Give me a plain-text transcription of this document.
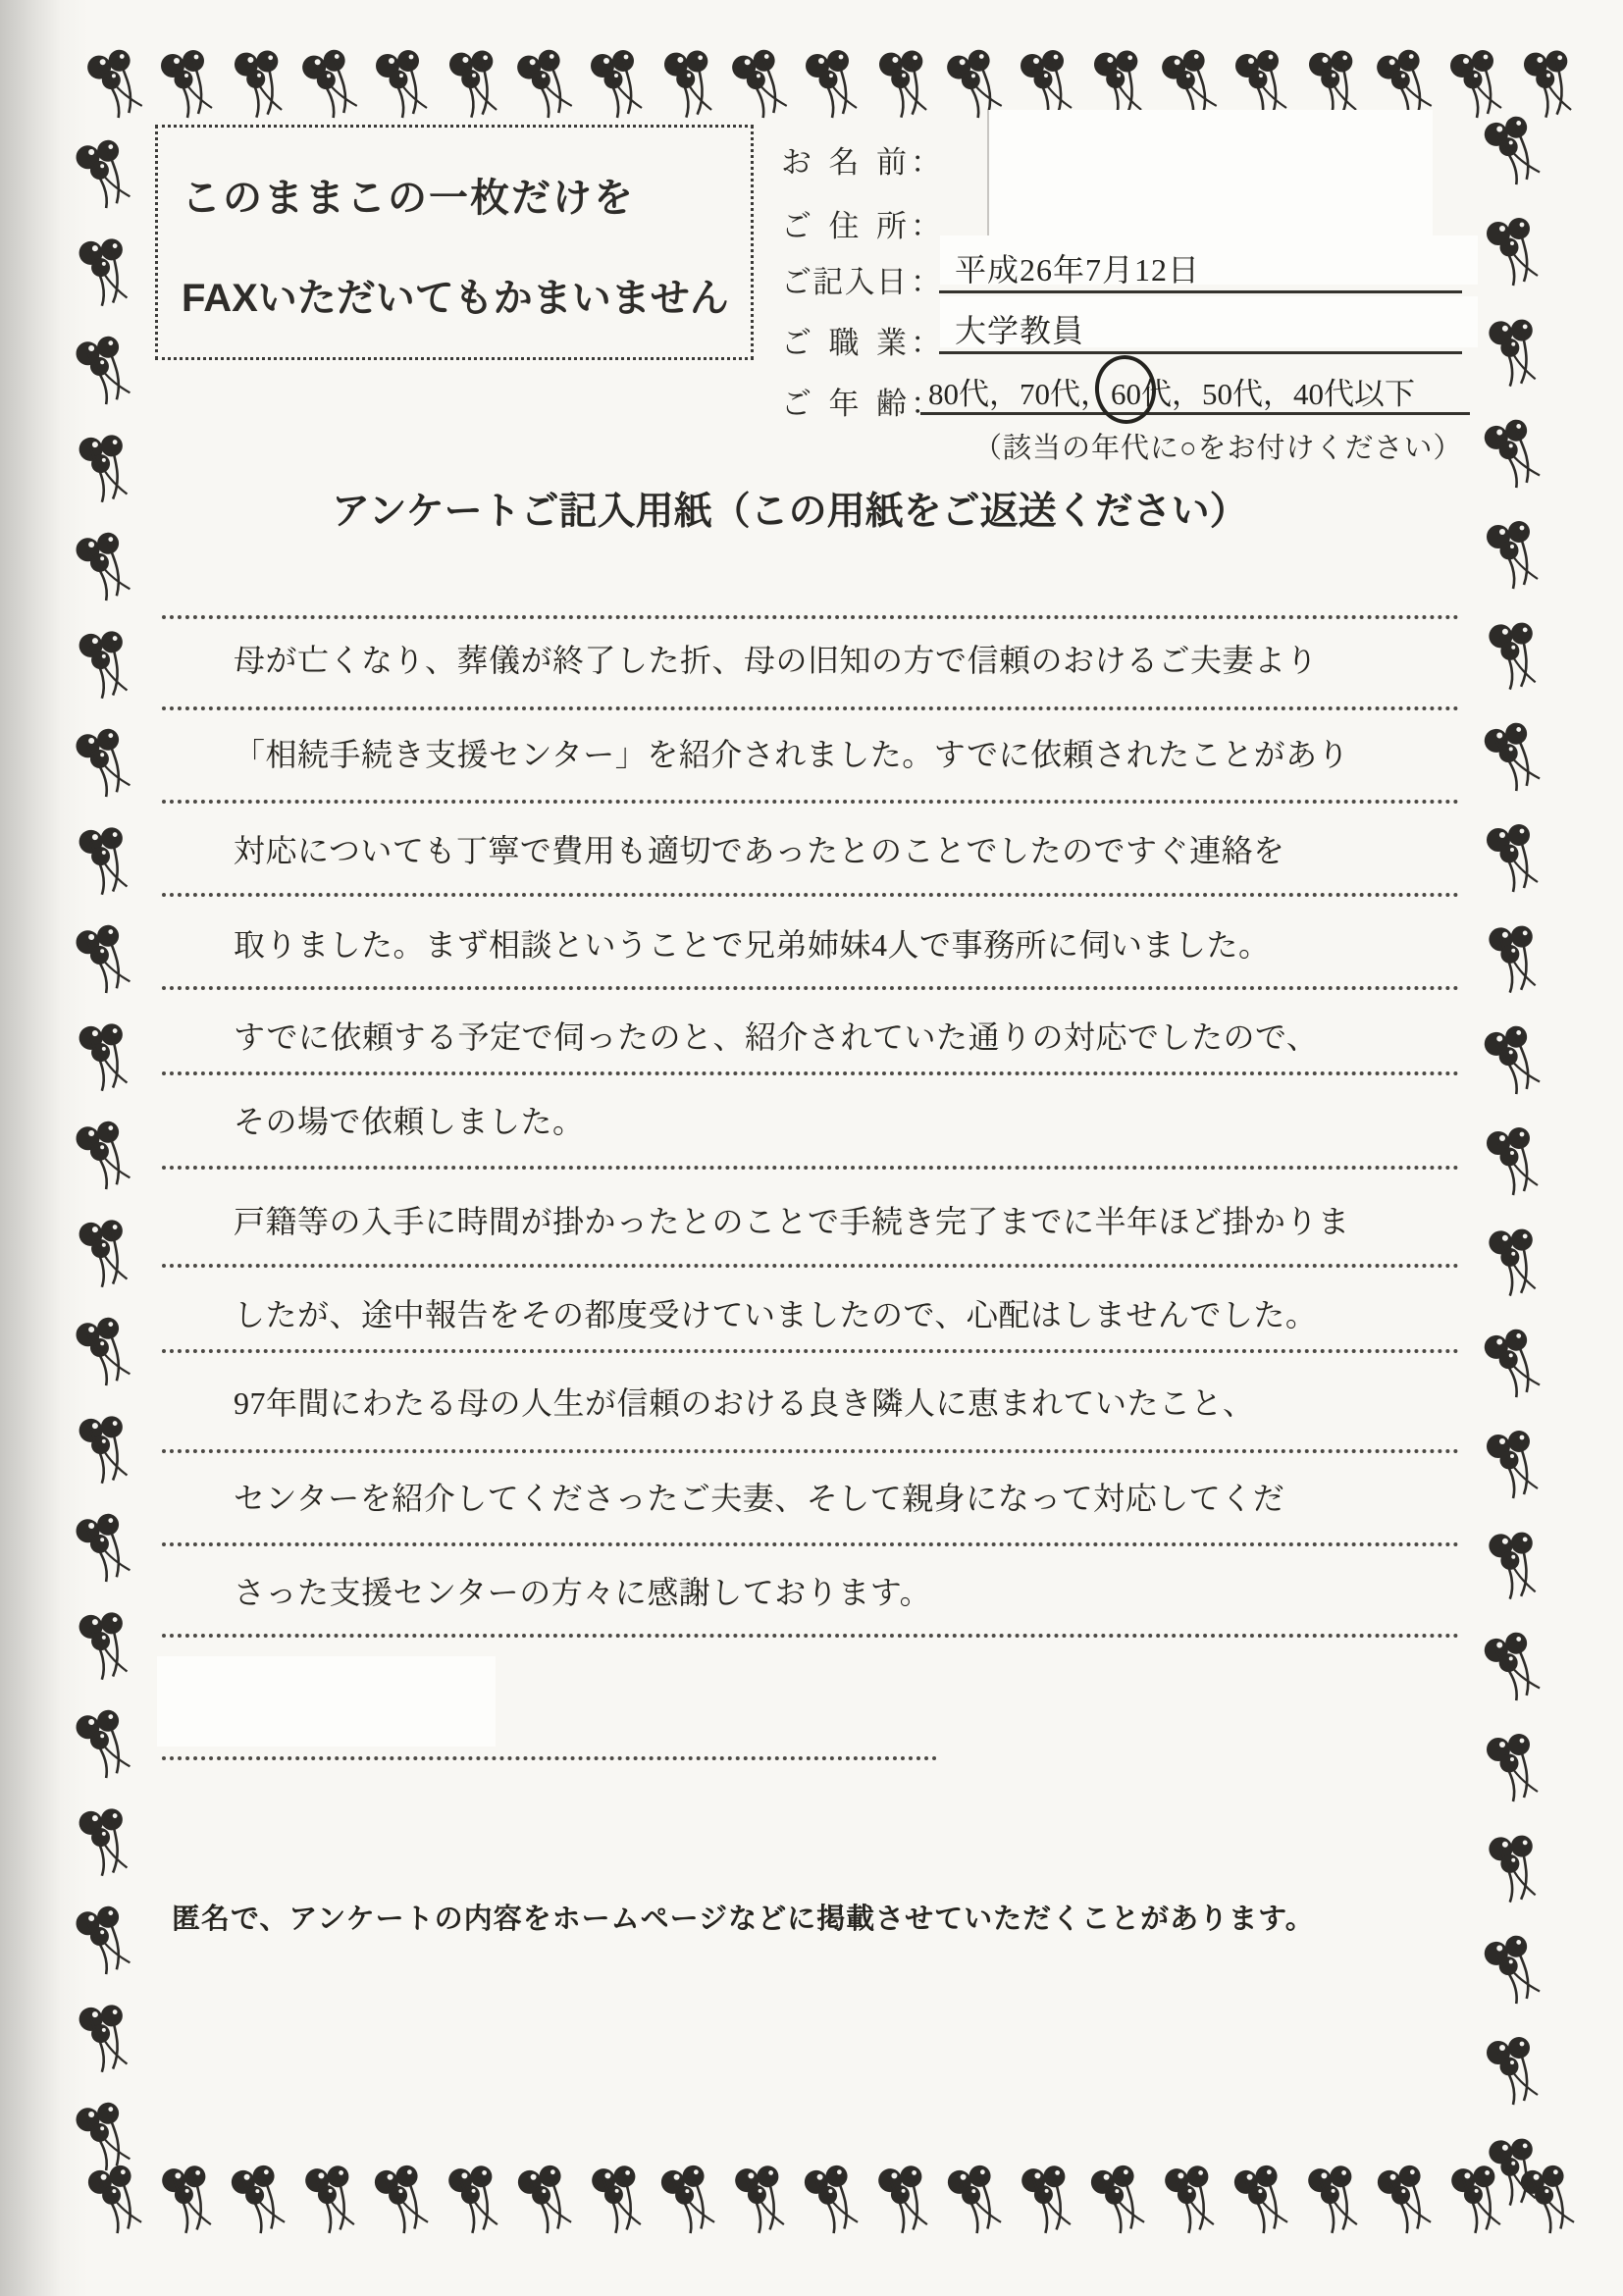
このままこの一枚だけを
FAXいただいてもかまいません
お名前 ：
ご住所 ：
ご記入日 ： 平成26年7月12日
ご職業 ： 大学教員
ご年齢 ：
80代，70代，60代，50代，40代以下
（該当の年代に○をお付けください）
アンケートご記入用紙（この用紙をご返送ください）
母が亡くなり、葬儀が終了した折、母の旧知の方で信頼のおけるご夫妻より
「相続手続き支援センター」を紹介されました。すでに依頼されたことがあり
対応についても丁寧で費用も適切であったとのことでしたのですぐ連絡を
取りました。まず相談ということで兄弟姉妹4人で事務所に伺いました。
すでに依頼する予定で伺ったのと、紹介されていた通りの対応でしたので、
その場で依頼しました。
戸籍等の入手に時間が掛かったとのことで手続き完了までに半年ほど掛かりま
したが、途中報告をその都度受けていましたので、心配はしませんでした。
97年間にわたる母の人生が信頼のおける良き隣人に恵まれていたこと、
センターを紹介してくださったご夫妻、そして親身になって対応してくだ
さった支援センターの方々に感謝しております。
匿名で、アンケートの内容をホームページなどに掲載させていただくことがあります。
